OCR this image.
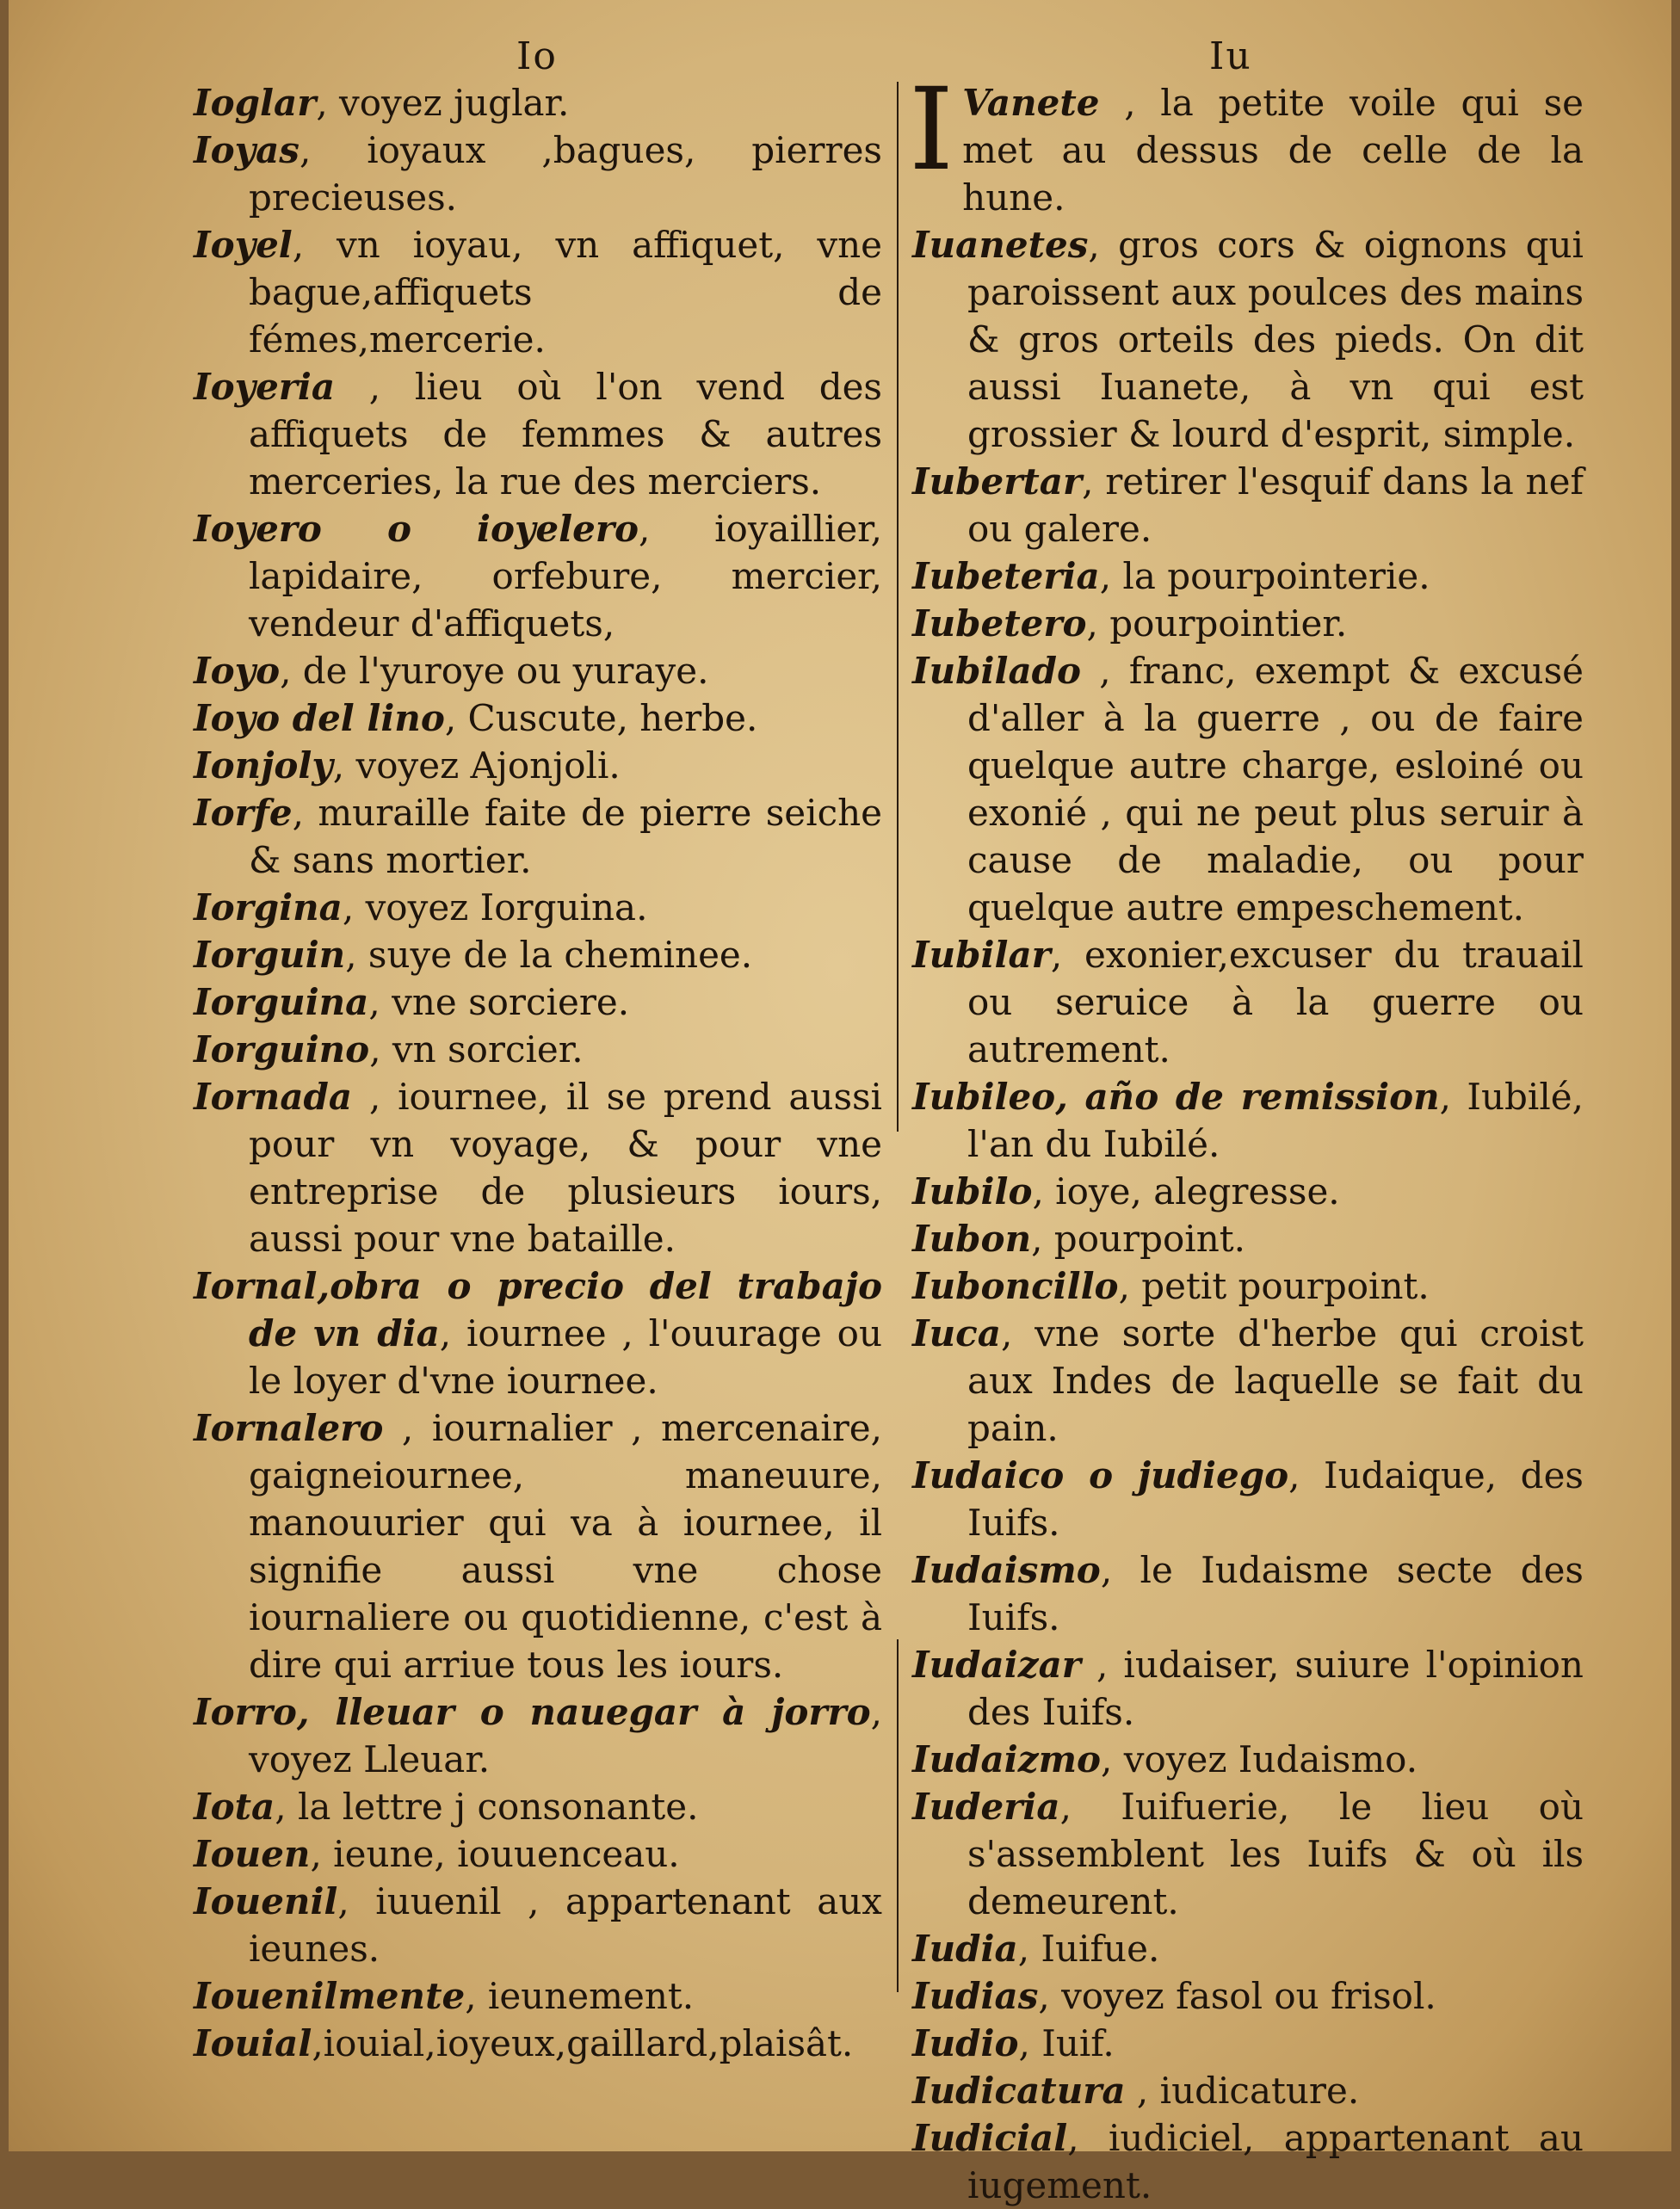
Io	Iu

Ioglar, voyez juglar.

Ioyas, ioyaux ,bagues, pierres precieuses.

Ioyel, vn ioyau, vn affiquet, vne bague,affiquets de fémes,mercerie.

Ioyeria , lieu où l'on vend des affiquets de femmes & autres merceries, la rue des merciers.

Ioyero o ioyelero, ioyaillier, lapidaire, orfebure, mercier, vendeur d'affiquets,

Ioyo, de l'yuroye ou yuraye.

Ioyo del lino, Cuscute, herbe.

Ionjoly, voyez Ajonjoli.

Iorfe, muraille faite de pierre seiche & sans mortier.

Iorgina, voyez Iorguina.

Iorguin, suye de la cheminee.

Iorguina, vne sorciere.

Iorguino, vn sorcier.

Iornada , iournee, il se prend aussi pour vn voyage, & pour vne entreprise de plusieurs iours, aussi pour vne bataille.

Iornal,obra o precio del trabajo de vn dia, iournee , l'ouurage ou le loyer d'vne iournee.

Iornalero , iournalier , mercenaire, gaigneiournee, maneuure, manouurier qui va à iournee, il signifie aussi vne chose iournaliere ou quotidienne, c'est à dire qui arriue tous les iours.

Iorro, lleuar o nauegar à jorro, voyez Lleuar.

Iota, la lettre j consonante.

Iouen, ieune, iouuenceau.

Iouenil, iuuenil , appartenant aux ieunes.

Iouenilmente, ieunement.

Iouial,iouial,ioyeux,gaillard,plaisât.

I Vanete , la petite voile qui se met au dessus de celle de la hune.

Iuanetes, gros cors & oignons qui paroissent aux poulces des mains & gros orteils des pieds. On dit aussi Iuanete, à vn qui est grossier & lourd d'esprit, simple.

Iubertar, retirer l'esquif dans la nef ou galere.

Iubeteria, la pourpointerie.

Iubetero, pourpointier.

Iubilado , franc, exempt & excusé d'aller à la guerre , ou de faire quelque autre charge, esloiné ou exonié , qui ne peut plus seruir à cause de maladie, ou pour quelque autre empeschement.

Iubilar, exonier,excuser du trauail ou seruice à la guerre ou autrement.

Iubileo, año de remission, Iubilé, l'an du Iubilé.

Iubilo, ioye, alegresse.

Iubon, pourpoint.

Iuboncillo, petit pourpoint.

Iuca, vne sorte d'herbe qui croist aux Indes de laquelle se fait du pain.

Iudaico o judiego, Iudaique, des Iuifs.

Iudaismo, le Iudaisme secte des Iuifs.

Iudaizar , iudaiser, suiure l'opinion des Iuifs.

Iudaizmo, voyez Iudaismo.

Iuderia, Iuifuerie, le lieu où s'assemblent les Iuifs & où ils demeurent.

Iudia, Iuifue.

Iudias, voyez fasol ou frisol.

Iudio, Iuif.

Iudicatura , iudicature.

Iudicial, iudiciel, appartenant au iugement.
